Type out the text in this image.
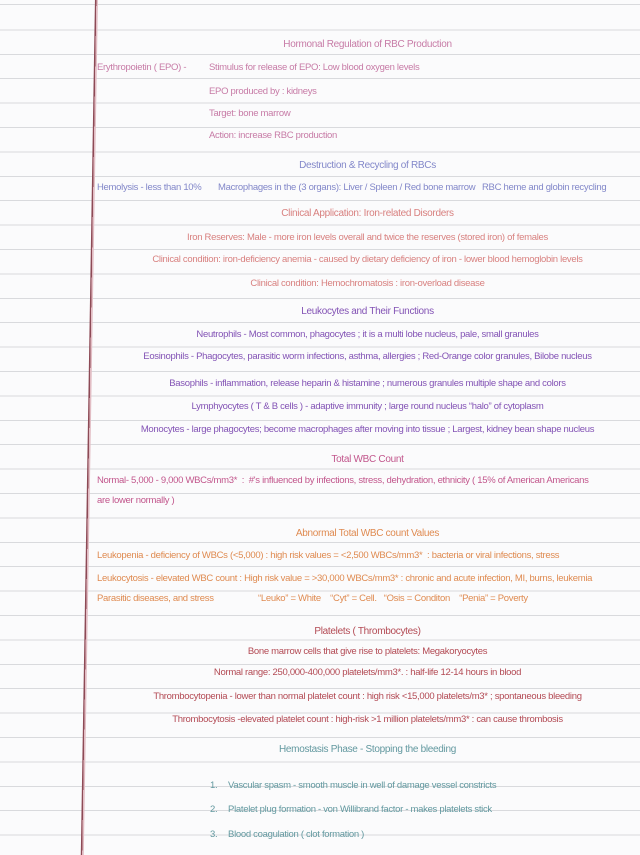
Hormonal Regulation of RBC Production
Erythropoietin ( EPO) - Stimulus for release of EPO: Low blood oxygen levels
EPO produced by : kidneys
Target: bone marrow
Action: increase RBC production
Destruction & Recycling of RBCs
Hemolysis - less than 10% Macrophages in the (3 organs): Liver / Spleen / Red bone marrow RBC heme and globin recycling
Clinical Application: Iron-related Disorders
Iron Reserves: Male - more iron levels overall and twice the reserves (stored iron) of females
Clinical condition: iron-deficiency anemia - caused by dietary deficiency of iron - lower blood hemoglobin levels
Clinical condition: Hemochromatosis : iron-overload disease
Leukocytes and Their Functions
Neutrophils - Most common, phagocytes ; it is a multi lobe nucleus, pale, small granules
Eosinophils - Phagocytes, parasitic worm infections, asthma, allergies ; Red-Orange color granules, Bilobe nucleus
Basophils - inflammation, release heparin & histamine ; numerous granules multiple shape and colors
Lymphyocytes ( T & B cells ) - adaptive immunity ; large round nucleus “halo” of cytoplasm
Monocytes - large phagocytes; become macrophages after moving into tissue ; Largest, kidney bean shape nucleus
Total WBC Count
Normal- 5,000 - 9,000 WBCs/mm3*  :  #'s influenced by infections, stress, dehydration, ethnicity ( 15% of American Americans
are lower normally )
Abnormal Total WBC count Values
Leukopenia - deficiency of WBCs (<5,000) : high risk values = <2,500 WBCs/mm3*  : bacteria or viral infections, stress
Leukocytosis - elevated WBC count : High risk value = >30,000 WBCs/mm3* : chronic and acute infection, MI, burns, leukemia
Parasitic diseases, and stress	“Leuko” = White    “Cyt” = Cell.   “Osis = Conditon    “Penia” = Poverty
Platelets ( Thrombocytes)
Bone marrow cells that give rise to platelets: Megakoryocytes
Normal range: 250,000-400,000 platelets/mm3*. : half-life 12-14 hours in blood
Thrombocytopenia - lower than normal platelet count : high risk <15,000 platelets/m3* ; spontaneous bleeding
Thrombocytosis -elevated platelet count : high-risk >1 million platelets/mm3* : can cause thrombosis
Hemostasis Phase - Stopping the bleeding

1. Vascular spasm - smooth muscle in well of damage vessel constricts

2. Platelet plug formation - von Willibrand factor - makes platelets stick

3. Blood coagulation ( clot formation )
